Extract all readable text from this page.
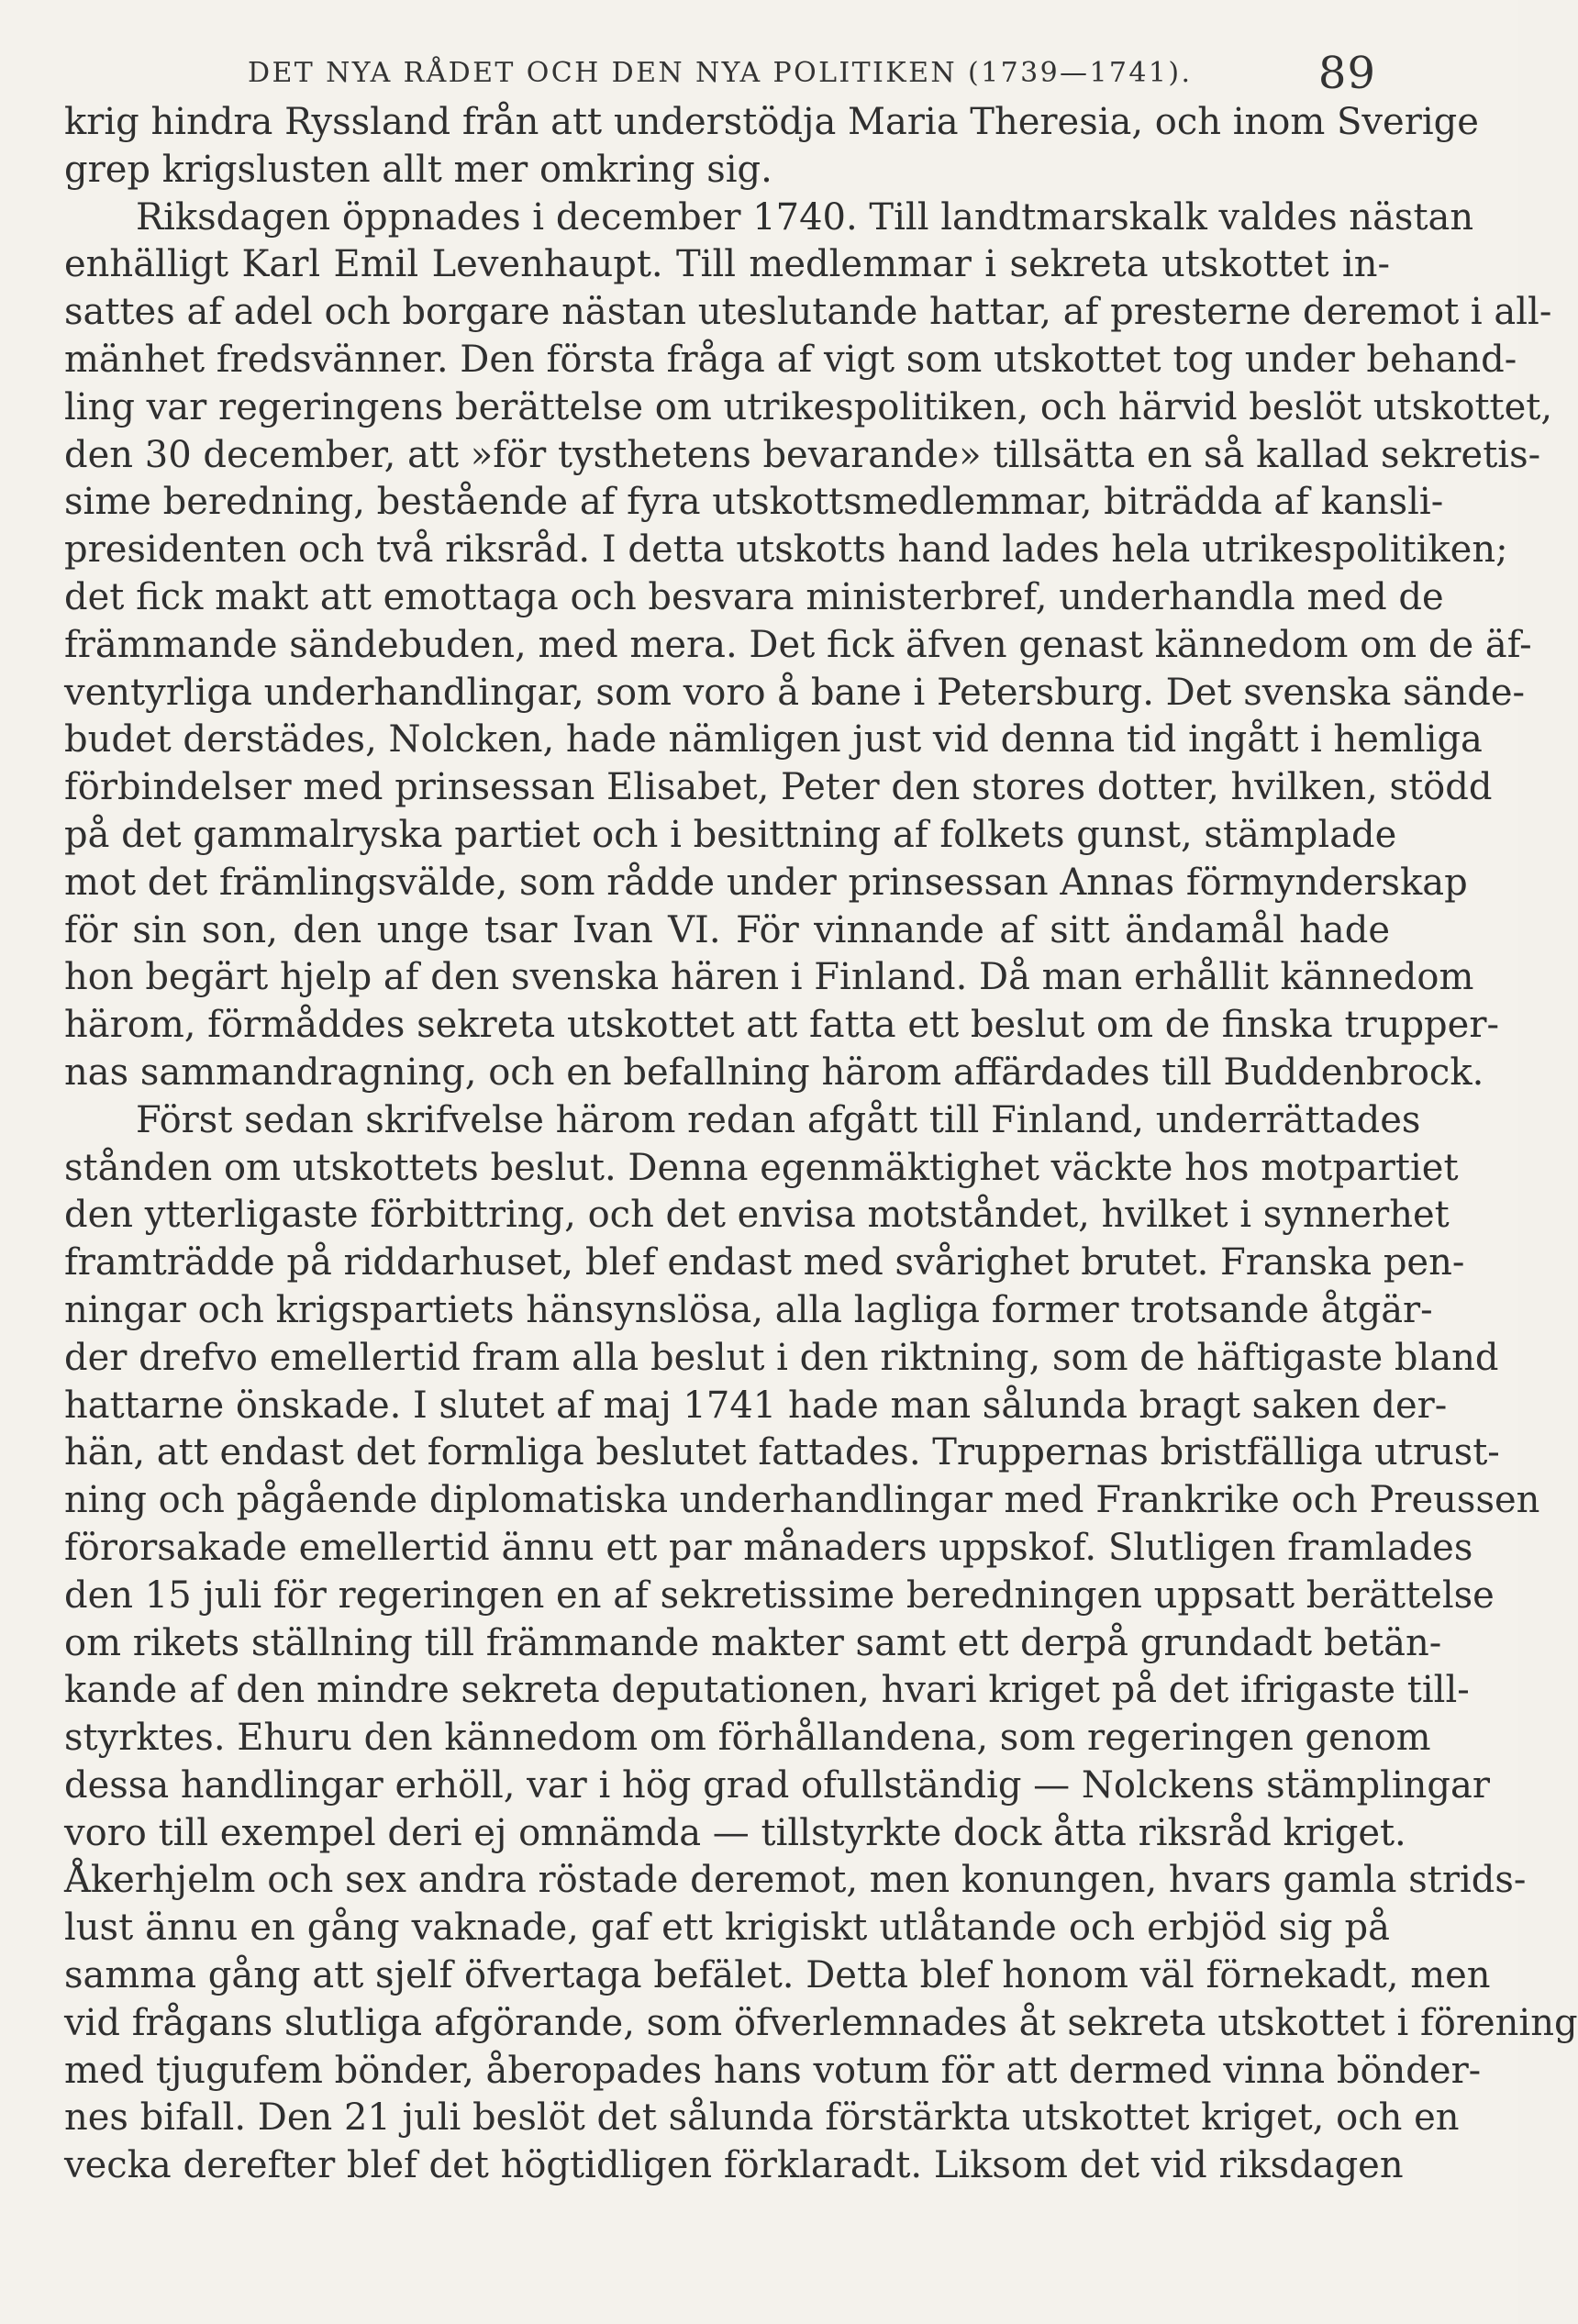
DET NYA RÅDET OCH DEN NYA POLITIKEN (1739—1741).	89
krig hindra Ryssland från att understödja Maria Theresia, och inom Sverige
grep krigslusten allt mer omkring sig.
Riksdagen öppnades i december 1740. Till landtmarskalk valdes nästan
enhälligt Karl Emil Levenhaupt. Till medlemmar i sekreta utskottet in-
sattes af adel och borgare nästan uteslutande hattar, af presterne deremot i all-
mänhet fredsvänner. Den första fråga af vigt som utskottet tog under behand-
ling var regeringens berättelse om utrikespolitiken, och härvid beslöt utskottet,
den 30 december, att »för tysthetens bevarande» tillsätta en så kallad sekretis-
sime beredning, bestående af fyra utskottsmedlemmar, biträdda af kansli-
presidenten och två riksråd. I detta utskotts hand lades hela utrikespolitiken;
det fick makt att emottaga och besvara ministerbref, underhandla med de
främmande sändebuden, med mera. Det fick äfven genast kännedom om de äf-
ventyrliga underhandlingar, som voro å bane i Petersburg. Det svenska sände-
budet derstädes, Nolcken, hade nämligen just vid denna tid ingått i hemliga
förbindelser med prinsessan Elisabet, Peter den stores dotter, hvilken, stödd
på det gammalryska partiet och i besittning af folkets gunst, stämplade
mot det främlingsvälde, som rådde under prinsessan Annas förmynderskap
för sin son, den unge tsar Ivan VI. För vinnande af sitt ändamål hade
hon begärt hjelp af den svenska hären i Finland. Då man erhållit kännedom
härom, förmåddes sekreta utskottet att fatta ett beslut om de finska trupper-
nas sammandragning, och en befallning härom affärdades till Buddenbrock.
Först sedan skrifvelse härom redan afgått till Finland, underrättades
stånden om utskottets beslut. Denna egenmäktighet väckte hos motpartiet
den ytterligaste förbittring, och det envisa motståndet, hvilket i synnerhet
framträdde på riddarhuset, blef endast med svårighet brutet. Franska pen-
ningar och krigspartiets hänsynslösa, alla lagliga former trotsande åtgär-
der drefvo emellertid fram alla beslut i den riktning, som de häftigaste bland
hattarne önskade. I slutet af maj 1741 hade man sålunda bragt saken der-
hän, att endast det formliga beslutet fattades. Truppernas bristfälliga utrust-
ning och pågående diplomatiska underhandlingar med Frankrike och Preussen
förorsakade emellertid ännu ett par månaders uppskof. Slutligen framlades
den 15 juli för regeringen en af sekretissime beredningen uppsatt berättelse
om rikets ställning till främmande makter samt ett derpå grundadt betän-
kande af den mindre sekreta deputationen, hvari kriget på det ifrigaste till-
styrktes. Ehuru den kännedom om förhållandena, som regeringen genom
dessa handlingar erhöll, var i hög grad ofullständig — Nolckens stämplingar
voro till exempel deri ej omnämda — tillstyrkte dock åtta riksråd kriget.
Åkerhjelm och sex andra röstade deremot, men konungen, hvars gamla strids-
lust ännu en gång vaknade, gaf ett krigiskt utlåtande och erbjöd sig på
samma gång att sjelf öfvertaga befälet. Detta blef honom väl förnekadt, men
vid frågans slutliga afgörande, som öfverlemnades åt sekreta utskottet i förening
med tjugufem bönder, åberopades hans votum för att dermed vinna bönder-
nes bifall. Den 21 juli beslöt det sålunda förstärkta utskottet kriget, och en
vecka derefter blef det högtidligen förklaradt. Liksom det vid riksdagen
